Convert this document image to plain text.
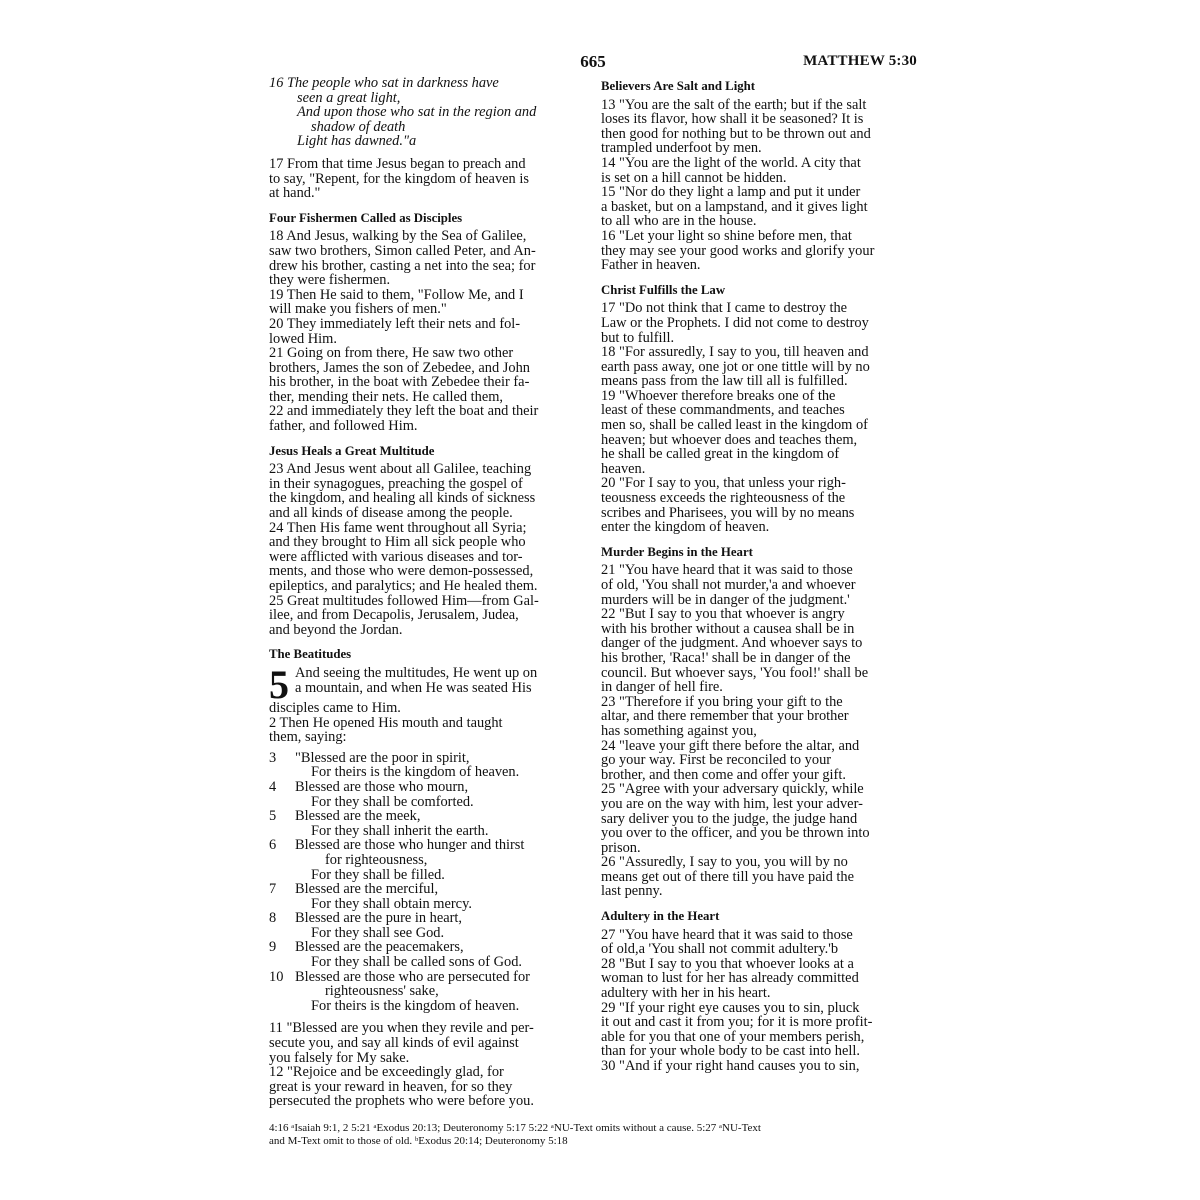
665	MATTHEW 5:30
16 The people who sat in darkness have
seen a great light,
And upon those who sat in the region and
shadow of death
Light has dawned."a
17 From that time Jesus began to preach and
to say, "Repent, for the kingdom of heaven is
at hand."
Four Fishermen Called as Disciples
18 And Jesus, walking by the Sea of Galilee,
saw two brothers, Simon called Peter, and An-
drew his brother, casting a net into the sea; for
they were fishermen.
19 Then He said to them, "Follow Me, and I
will make you fishers of men."
20 They immediately left their nets and fol-
lowed Him.
21 Going on from there, He saw two other
brothers, James the son of Zebedee, and John
his brother, in the boat with Zebedee their fa-
ther, mending their nets. He called them,
22 and immediately they left the boat and their
father, and followed Him.
Jesus Heals a Great Multitude
23 And Jesus went about all Galilee, teaching
in their synagogues, preaching the gospel of
the kingdom, and healing all kinds of sickness
and all kinds of disease among the people.
24 Then His fame went throughout all Syria;
and they brought to Him all sick people who
were afflicted with various diseases and tor-
ments, and those who were demon-possessed,
epileptics, and paralytics; and He healed them.
25 Great multitudes followed Him—from Gal-
ilee, and from Decapolis, Jerusalem, Judea,
and beyond the Jordan.
The Beatitudes
5 And seeing the multitudes, He went up on
a mountain, and when He was seated His
disciples came to Him.
2 Then He opened His mouth and taught
them, saying:
3 "Blessed are the poor in spirit,
For theirs is the kingdom of heaven.
4 Blessed are those who mourn,
For they shall be comforted.
5 Blessed are the meek,
For they shall inherit the earth.
6 Blessed are those who hunger and thirst
for righteousness,
For they shall be filled.
7 Blessed are the merciful,
For they shall obtain mercy.
8 Blessed are the pure in heart,
For they shall see God.
9 Blessed are the peacemakers,
For they shall be called sons of God.
10 Blessed are those who are persecuted for
righteousness' sake,
For theirs is the kingdom of heaven.
11 "Blessed are you when they revile and per-
secute you, and say all kinds of evil against
you falsely for My sake.
12 "Rejoice and be exceedingly glad, for
great is your reward in heaven, for so they
persecuted the prophets who were before you.
Believers Are Salt and Light
13 "You are the salt of the earth; but if the salt
loses its flavor, how shall it be seasoned? It is
then good for nothing but to be thrown out and
trampled underfoot by men.
14 "You are the light of the world. A city that
is set on a hill cannot be hidden.
15 "Nor do they light a lamp and put it under
a basket, but on a lampstand, and it gives light
to all who are in the house.
16 "Let your light so shine before men, that
they may see your good works and glorify your
Father in heaven.
Christ Fulfills the Law
17 "Do not think that I came to destroy the
Law or the Prophets. I did not come to destroy
but to fulfill.
18 "For assuredly, I say to you, till heaven and
earth pass away, one jot or one tittle will by no
means pass from the law till all is fulfilled.
19 "Whoever therefore breaks one of the
least of these commandments, and teaches
men so, shall be called least in the kingdom of
heaven; but whoever does and teaches them,
he shall be called great in the kingdom of
heaven.
20 "For I say to you, that unless your righ-
teousness exceeds the righteousness of the
scribes and Pharisees, you will by no means
enter the kingdom of heaven.
Murder Begins in the Heart
21 "You have heard that it was said to those
of old, 'You shall not murder,'a and whoever
murders will be in danger of the judgment.'
22 "But I say to you that whoever is angry
with his brother without a causea shall be in
danger of the judgment. And whoever says to
his brother, 'Raca!' shall be in danger of the
council. But whoever says, 'You fool!' shall be
in danger of hell fire.
23 "Therefore if you bring your gift to the
altar, and there remember that your brother
has something against you,
24 "leave your gift there before the altar, and
go your way. First be reconciled to your
brother, and then come and offer your gift.
25 "Agree with your adversary quickly, while
you are on the way with him, lest your adver-
sary deliver you to the judge, the judge hand
you over to the officer, and you be thrown into
prison.
26 "Assuredly, I say to you, you will by no
means get out of there till you have paid the
last penny.
Adultery in the Heart
27 "You have heard that it was said to those
of old,a 'You shall not commit adultery.'b
28 "But I say to you that whoever looks at a
woman to lust for her has already committed
adultery with her in his heart.
29 "If your right eye causes you to sin, pluck
it out and cast it from you; for it is more profit-
able for you that one of your members perish,
than for your whole body to be cast into hell.
30 "And if your right hand causes you to sin,
4:16 ᵃIsaiah 9:1, 2 5:21 ᵃExodus 20:13; Deuteronomy 5:17 5:22 ᵃNU-Text omits without a cause. 5:27 ᵃNU-Text
and M-Text omit to those of old. ᵇExodus 20:14; Deuteronomy 5:18
